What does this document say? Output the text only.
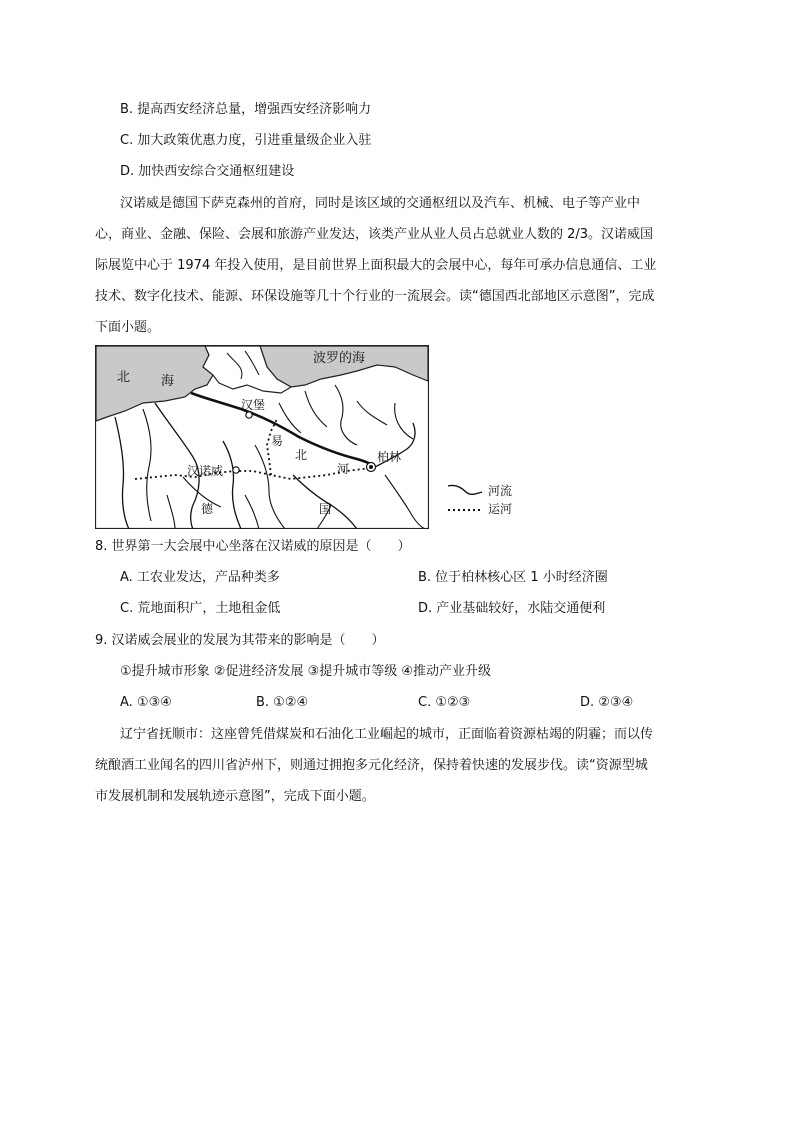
B. 提高西安经济总量，增强西安经济影响力
C. 加大政策优惠力度，引进重量级企业入驻
D. 加快西安综合交通枢纽建设
汉诺威是德国下萨克森州的首府，同时是该区域的交通枢纽以及汽车、机械、电子等产业中
心，商业、金融、保险、会展和旅游产业发达，该类产业从业人员占总就业人数的 2/3。汉诺威国
际展览中心于 1974 年投入使用，是目前世界上面积最大的会展中心，每年可承办信息通信、工业
技术、数字化技术、能源、环保设施等几十个行业的一流展会。读“德国西北部地区示意图”，完成
下面小题。
北 海
波罗的海
汉堡
易
北
河
柏林
汉诺威
德	国
河流
运河
8. 世界第一大会展中心坐落在汉诺威的原因是（　　）
A. 工农业发达，产品种类多	B. 位于柏林核心区 1 小时经济圈
C. 荒地面积广，土地租金低	D. 产业基础较好，水陆交通便利
9. 汉诺威会展业的发展为其带来的影响是（　　）
①提升城市形象 ②促进经济发展 ③提升城市等级 ④推动产业升级
A. ①③④	B. ①②④	C. ①②③	D. ②③④
辽宁省抚顺市：这座曾凭借煤炭和石油化工业崛起的城市，正面临着资源枯竭的阴霾；而以传
统酿酒工业闻名的四川省泸州下，则通过拥抱多元化经济，保持着快速的发展步伐。读“资源型城
市发展机制和发展轨迹示意图”，完成下面小题。
